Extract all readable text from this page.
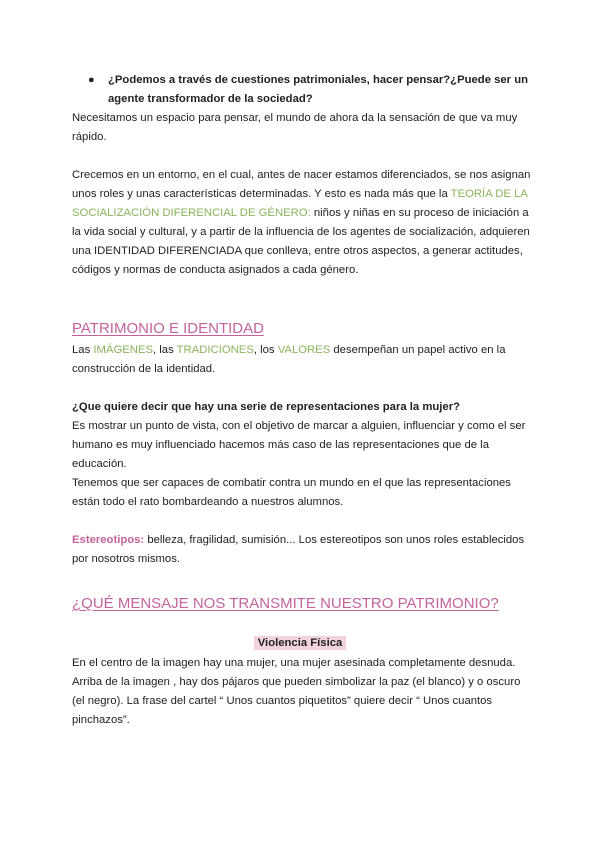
●	¿Podemos a través de cuestiones patrimoniales, hacer pensar?¿Puede ser un agente transformador de la sociedad?

Necesitamos un espacio para pensar, el mundo de ahora da la sensación de que va muy rápido.

Crecemos en un entorno, en el cual, antes de nacer estamos diferenciados, se nos asignan unos roles y unas características determinadas. Y esto es nada más que la TEORÍA DE LA SOCIALIZACIÓN DIFERENCIAL DE GÉNERO: niños y niñas en su proceso de iniciación a la vida social y cultural, y a partir de la influencia de los agentes de socialización, adquieren una IDENTIDAD DIFERENCIADA que conlleva, entre otros aspectos, a generar actitudes, códigos y normas de conducta asignados a cada género.

PATRIMONIO E IDENTIDAD

Las IMÁGENES, las TRADICIONES, los VALORES desempeñan un papel activo en la construcción de la identidad.

¿Que quiere decir que hay una serie de representaciones para la mujer?

Es mostrar un punto de vista, con el objetivo de marcar a alguien, influenciar y como el ser humano es muy influenciado hacemos más caso de las representaciones que de la educación.

Tenemos que ser capaces de combatir contra un mundo en el que las representaciones están todo el rato bombardeando a nuestros alumnos.

Estereotipos: belleza, fragilidad, sumisión... Los estereotipos son unos roles establecidos por nosotros mismos.

¿QUÉ MENSAJE NOS TRANSMITE NUESTRO PATRIMONIO?
Violencia Física

En el centro de la imagen hay una mujer, una mujer asesinada completamente desnuda. Arriba de la imagen , hay dos pájaros que pueden simbolizar la paz (el blanco) y o oscuro (el negro). La frase del cartel “ Unos cuantos piquetitos” quiere decir “ Unos cuantos pinchazos”.
